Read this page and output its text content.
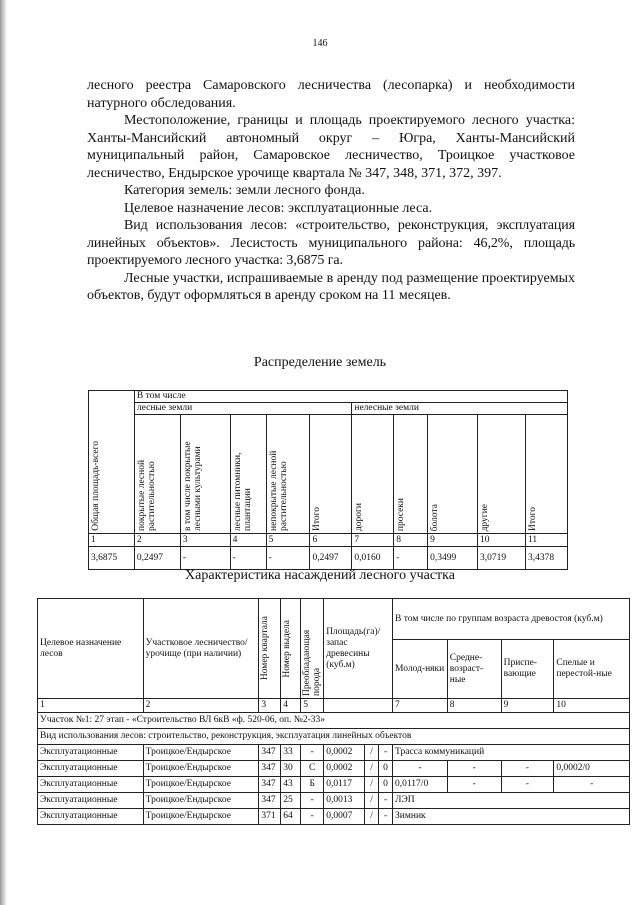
146

лесного реестра Самаровского лесничества (лесопарка) и необходимости натурного обследования.

Местоположение, границы и площадь проектируемого лесного участка: Ханты-Мансийский автономный округ – Югра, Ханты-Мансийский муниципальный район, Самаровское лесничество, Троицкое участковое лесничество, Ендырское урочище квартала № 347, 348, 371, 372, 397.

Категория земель: земли лесного фонда.

Целевое назначение лесов: эксплуатационные леса.

Вид использования лесов: «строительство, реконструкция, эксплуатация линейных объектов». Лесистость муниципального района: 46,2%, площадь проектируемого лесного участка: 3,6875 га.

Лесные участки, испрашиваемые в аренду под размещение проектируемых объектов, будут оформляться в аренду сроком на 11 месяцев.

Распределение земель
Общая площадь-всего	В том числе									
	лесные земли					нелесные земли				

	покрытые лесной растительностью	в том числе покрытые лесными культурами	лесные питомники, плантации	непокрытые лесной растительностью	Итого	дороги	просеки	болота	другие	Итого

1	2	3	4	5	6	7	8	9	10	11
3,6875	0,2497	-	-	-	0,2497	0,0160	-	0,3499	3,0719	3,4378
Характеристика насаждений лесного участка
Целевое назначение лесов	Участковое лесничество/ урочище (при наличии)	Номер квартала	Номер выдела	Преобладающая порода	Площадь(га)/ запас древесины (куб.м)			В том числе по группам возраста древостоя (куб.м)			
								Молод-няки	Средне-возраст-ные	Приспе-вающие	Спелые и перестой-ные
1	2	3	4	5				7	8	9	10
Участок №1: 27 этап - «Строительство ВЛ 6кВ «ф. 520-06, оп. №2-33»											
Вид использования лесов: строительство, реконструкция, эксплуатация линейных объектов											
Эксплуатационные	Троицкое/Ендырское	347	33	-	0,0002	/	-	Трасса коммуникаций			
Эксплуатационные	Троицкое/Ендырское	347	30	С	0,0002	/	0	-	-	-	0,0002/0
Эксплуатационные	Троицкое/Ендырское	347	43	Б	0,0117	/	0	0,0117/0	-	-	-
Эксплуатационные	Троицкое/Ендырское	347	25	-	0,0013	/	-	ЛЭП			
Эксплуатационные	Троицкое/Ендырское	371	64	-	0,0007	/	-	Зимник			
